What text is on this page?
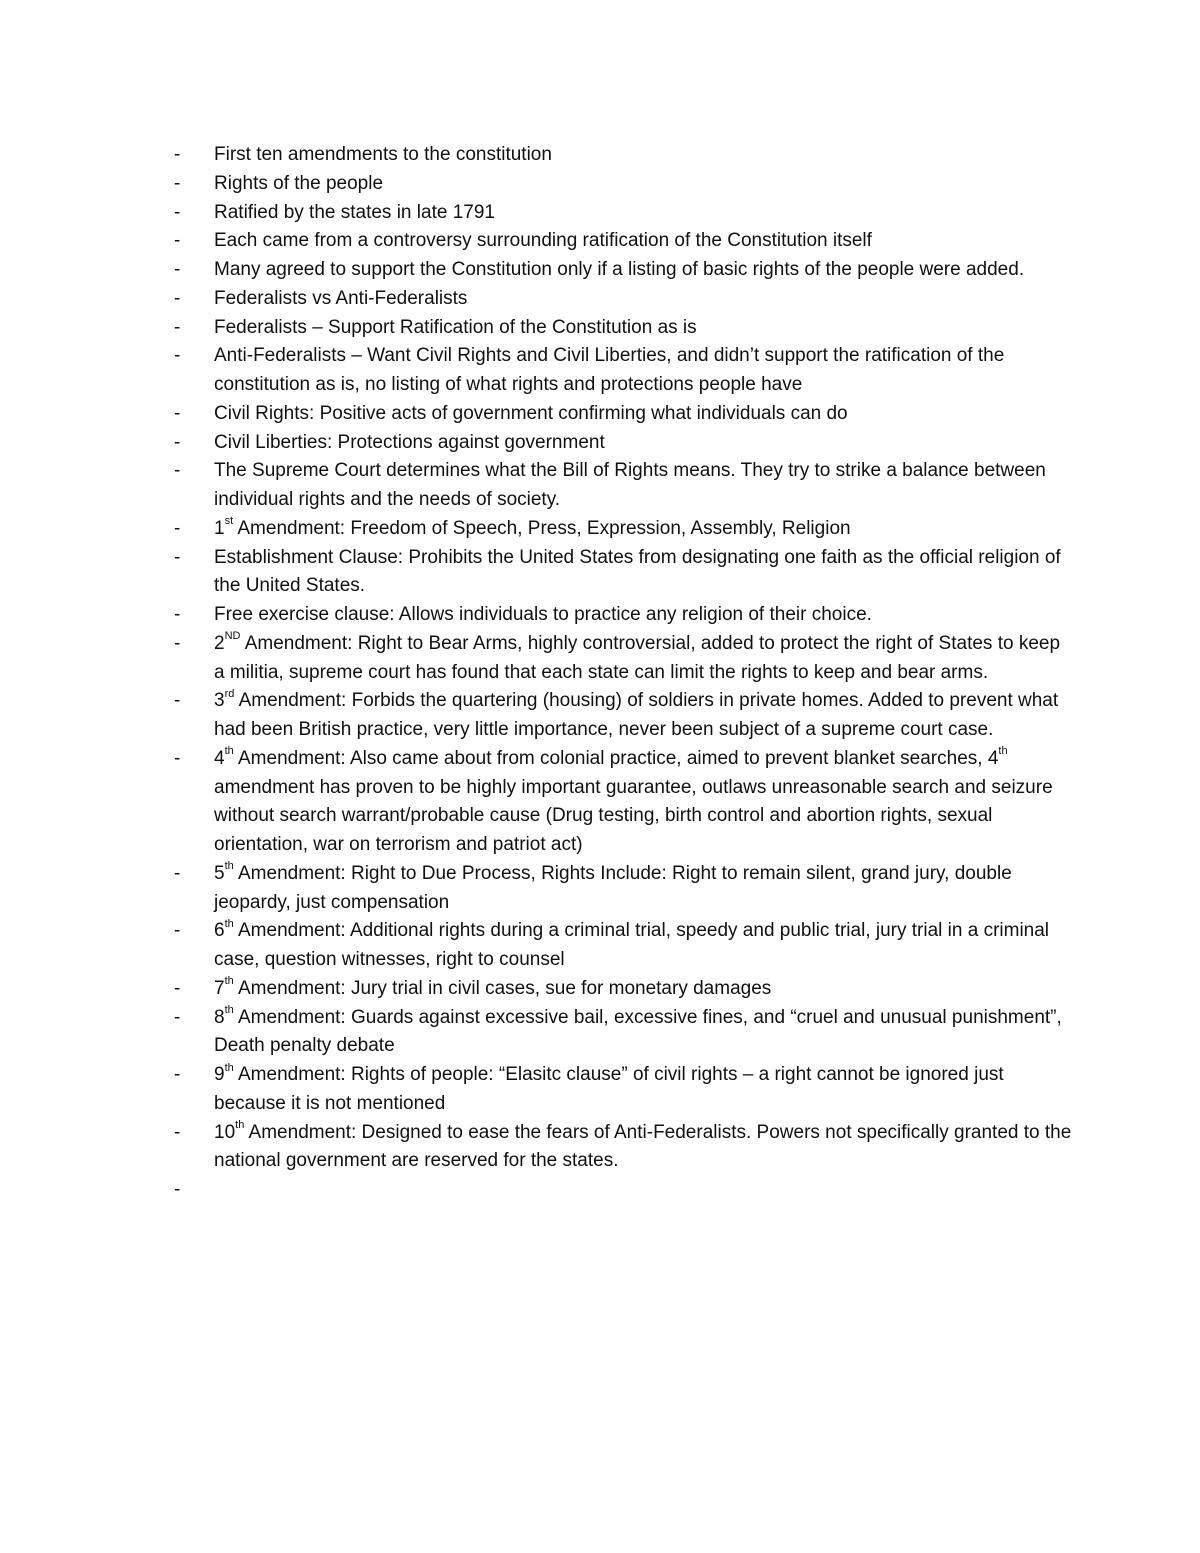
-	First ten amendments to the constitution
-	Rights of the people
-	Ratified by the states in late 1791
-	Each came from a controversy surrounding ratification of the Constitution itself
-	Many agreed to support the Constitution only if a listing of basic rights of the people were added.
-	Federalists vs Anti-Federalists
-	Federalists – Support Ratification of the Constitution as is
-	Anti-Federalists – Want Civil Rights and Civil Liberties, and didn’t support the ratification of the constitution as is, no listing of what rights and protections people have
-	Civil Rights: Positive acts of government confirming what individuals can do
-	Civil Liberties: Protections against government
-	The Supreme Court determines what the Bill of Rights means. They try to strike a balance between individual rights and the needs of society.
-	1st Amendment: Freedom of Speech, Press, Expression, Assembly, Religion
-	Establishment Clause: Prohibits the United States from designating one faith as the official religion of the United States.
-	Free exercise clause: Allows individuals to practice any religion of their choice.
-	2ND Amendment: Right to Bear Arms, highly controversial, added to protect the right of States to keep a militia, supreme court has found that each state can limit the rights to keep and bear arms.
-	3rd Amendment: Forbids the quartering (housing) of soldiers in private homes. Added to prevent what had been British practice, very little importance, never been subject of a supreme court case.
-	4th Amendment: Also came about from colonial practice, aimed to prevent blanket searches, 4th amendment has proven to be highly important guarantee, outlaws unreasonable search and seizure without search warrant/probable cause (Drug testing, birth control and abortion rights, sexual orientation, war on terrorism and patriot act)
-	5th Amendment: Right to Due Process, Rights Include: Right to remain silent, grand jury, double jeopardy, just compensation
-	6th Amendment: Additional rights during a criminal trial, speedy and public trial, jury trial in a criminal case, question witnesses, right to counsel
-	7th Amendment: Jury trial in civil cases, sue for monetary damages
-	8th Amendment: Guards against excessive bail, excessive fines, and “cruel and unusual punishment”, Death penalty debate
-	9th Amendment: Rights of people: “Elasitc clause” of civil rights – a right cannot be ignored just because it is not mentioned
-	10th Amendment: Designed to ease the fears of Anti-Federalists. Powers not specifically granted to the national government are reserved for the states.
-
